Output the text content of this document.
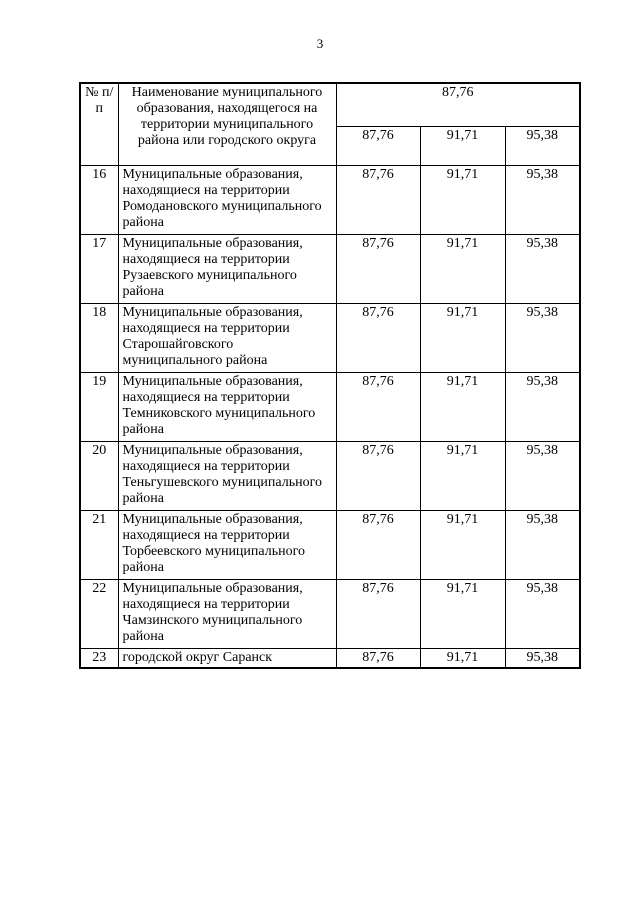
3
№ п/п	Наименование муниципального образования, находящегося на территории муниципального района или городского округа	87,76		
		87,76	91,71	95,38
16	Муниципальные образования, находящиеся на территории Ромодановского муниципального района	87,76	91,71	95,38
17	Муниципальные образования, находящиеся на территории Рузаевского муниципального района	87,76	91,71	95,38
18	Муниципальные образования, находящиеся на территории Старошайговского муниципального района	87,76	91,71	95,38
19	Муниципальные образования, находящиеся на территории Темниковского муниципального района	87,76	91,71	95,38
20	Муниципальные образования, находящиеся на территории Теньгушевского муниципального района	87,76	91,71	95,38
21	Муниципальные образования, находящиеся на территории Торбеевского муниципального района	87,76	91,71	95,38
22	Муниципальные образования, находящиеся на территории Чамзинского муниципального района	87,76	91,71	95,38
23	городской округ Саранск	87,76	91,71	95,38
